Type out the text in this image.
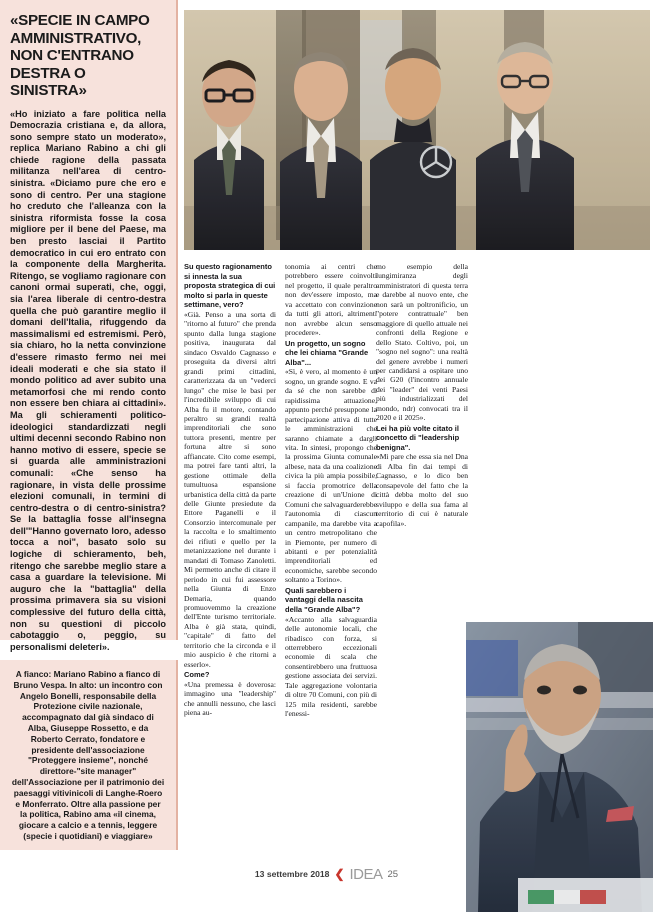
«SPECIE IN CAMPO AMMINISTRATIVO, NON C'ENTRANO DESTRA O SINISTRA»

«Ho iniziato a fare politica nella Democrazia cristiana e, da allora, sono sempre stato un moderato», replica Mariano Rabino a chi gli chiede ragione della passata militanza nell'area di centro-sinistra. «Diciamo pure che ero e sono di centro. Per una stagione ho creduto che l'alleanza con la sinistra riformista fosse la cosa migliore per il bene del Paese, ma ben presto lasciai il Partito democratico in cui ero entrato con la componente della Margherita. Ritengo, se vogliamo ragionare con canoni ormai superati, che, oggi, sia l'area liberale di centro-destra quella che può garantire meglio il domani dell'Italia, rifuggendo da massimalismi ed estremismi. Però, sia chiaro, ho la netta convinzione d'essere rimasto fermo nei mei ideali moderati e che sia stato il mondo politico ad aver subito una metamorfosi che mi rendo conto non essere ben chiara ai cittadini». Ma gli schieramenti politico-ideologici standardizzati negli ultimi decenni secondo Rabino non hanno motivo di essere, specie se si guarda alle amministrazioni comunali: «Che senso ha ragionare, in vista delle prossime elezioni comunali, in termini di centro-destra o di centro-sinistra? Se la battaglia fosse all'insegna dell'"Hanno governato loro, adesso tocca a noi", basato solo su logiche di schieramento, beh, ritengo che sarebbe meglio stare a casa a guardare la televisione. Mi auguro che la "battaglia" della prossima primavera sia su visioni complessive del futuro della città, non su questioni di piccolo cabotaggio o, peggio, su personalismi deleteri».

A fianco: Mariano Rabino a fianco di Bruno Vespa. In alto: un incontro con Angelo Bonelli, responsabile della Protezione civile nazionale, accompagnato dal già sindaco di Alba, Giuseppe Rossetto, e da Roberto Cerrato, fondatore e presidente dell'associazione "Proteggere insieme", nonché direttore-"site manager" dell'Associazione per il patrimonio dei paesaggi vitivinicoli di Langhe-Roero e Monferrato. Oltre alla passione per la politica, Rabino ama «il cinema, giocare a calcio e a tennis, leggere (specie i quotidiani) e viaggiare»

Su questo ragionamento si innesta la sua proposta strategica di cui molto si parla in queste settimane, vero?

«Già. Penso a una sorta di "ritorno al futuro" che prenda spunto dalla lunga stagione positiva, inaugurata dal sindaco Osvaldo Cagnasso e proseguita da diversi altri grandi primi cittadini, caratterizzata da un "vederci lungo" che mise le basi per l'incredibile sviluppo di cui Alba fu il motore, contando peraltro su grandi realtà imprenditoriali che sono tuttora presenti, mentre per fortuna altre si sono affiancate. Cito come esempi, ma potrei fare tanti altri, la gestione ottimale della tumultuosa espansione urbanistica della città da parte delle Giunte presiedute da Ettore Paganelli e il Consorzio intercomunale per la raccolta e lo smaltimento dei rifiuti e quello per la metanizzazione nel durante i mandati di Tomaso Zanoletti. Mi permetto anche di citare il periodo in cui fui assessore nella Giunta di Enzo Demaria, quando promuovemmo la creazione dell'Ente turismo territoriale. Alba è già stata, quindi, "capitale" di fatto del territorio che la circonda e il mio auspicio è che ritorni a esserlo».

Come?

«Una premessa è doverosa: immagino una "leadership" che annulli nessuno, che lasci piena au-

tonomia ai centri che potrebbero essere coinvolti nel progetto, il quale peraltro non dev'essere imposto, ma va accettato con convinzione da tutti gli attori, altrimenti non avrebbe alcun senso procedere».

Un progetto, un sogno che lei chiama "Grande Alba"...

«Sì, è vero, al momento è un sogno, un grande sogno. E va da sé che non sarebbe di rapidissima attuazione, appunto perché presuppone la partecipazione attiva di tutte le amministrazioni che saranno chiamate a dargli vita. In sintesi, propongo che la prossima Giunta comunale albese, nata da una coalizione civica la più ampia possibile, si faccia promotrice della creazione di un'Unione di Comuni che salvaguarderebbe l'autonomia di ciascun campanile, ma darebbe vita a un centro metropolitano che in Piemonte, per numero di abitanti e per potenzialità imprenditoriali ed economiche, sarebbe secondo soltanto a Torino».

Quali sarebbero i vantaggi della nascita della "Grande Alba"?

«Accanto alla salvaguardia delle autonomie locali, che ribadisco con forza, si otterrebbero eccezionali economie di scala che consentirebbero una fruttuosa gestione associata dei servizi. Tale aggregazione volontaria di oltre 70 Comuni, con più di 125 mila residenti, sarebbe l'enessi-

mo esempio della lungimiranza degli amministratori di questa terra e darebbe al nuovo ente, che non sarà un poltronificio, un "potere contrattuale" ben maggiore di quello attuale nei confronti della Regione e dello Stato. Coltivo, poi, un "sogno nel sogno": una realtà del genere avrebbe i numeri per candidarsi a ospitare uno dei G20 (l'incontro annuale dei "leader" dei venti Paesi più industrializzati del mondo, ndr) convocati tra il 2020 e il 2025».

Lei ha più volte citato il concetto di "leadership benigna".

«Mi pare che essa sia nel Dna di Alba fin dai tempi di Cagnasso, e lo dico ben consapevole del fatto che la città debba molto del suo sviluppo e della sua fama al territorio di cui è naturale capofila».

13 settembre 2018 ❮ IDEA 25
